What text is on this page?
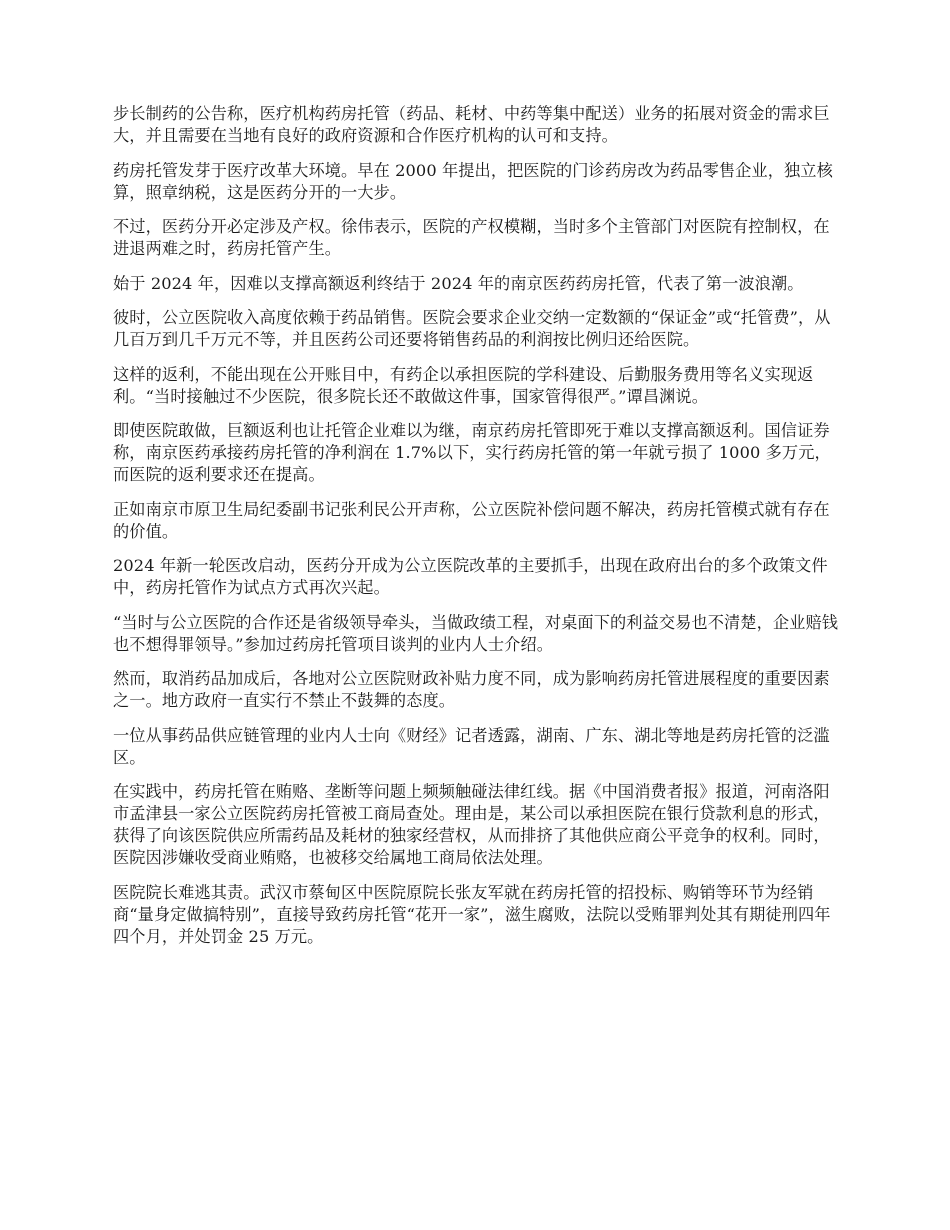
步长制药的公告称，医疗机构药房托管（药品、耗材、中药等集中配送）业务的拓展对资金的需求巨大，并且需要在当地有良好的政府资源和合作医疗机构的认可和支持。

药房托管发芽于医疗改革大环境。早在 2000 年提出，把医院的门诊药房改为药品零售企业，独立核算，照章纳税，这是医药分开的一大步。

不过，医药分开必定涉及产权。徐伟表示，医院的产权模糊，当时多个主管部门对医院有控制权，在进退两难之时，药房托管产生。

始于 2024 年，因难以支撑高额返利终结于 2024 年的南京医药药房托管，代表了第一波浪潮。

彼时，公立医院收入高度依赖于药品销售。医院会要求企业交纳一定数额的“保证金”或“托管费”，从几百万到几千万元不等，并且医药公司还要将销售药品的利润按比例归还给医院。

这样的返利，不能出现在公开账目中，有药企以承担医院的学科建设、后勤服务费用等名义实现返利。“当时接触过不少医院，很多院长还不敢做这件事，国家管得很严。”谭昌渊说。

即使医院敢做，巨额返利也让托管企业难以为继，南京药房托管即死于难以支撑高额返利。国信证券称，南京医药承接药房托管的净利润在 1.7%以下，实行药房托管的第一年就亏损了 1000 多万元，而医院的返利要求还在提高。

正如南京市原卫生局纪委副书记张利民公开声称，公立医院补偿问题不解决，药房托管模式就有存在的价值。

2024 年新一轮医改启动，医药分开成为公立医院改革的主要抓手，出现在政府出台的多个政策文件中，药房托管作为试点方式再次兴起。

“当时与公立医院的合作还是省级领导牵头，当做政绩工程，对桌面下的利益交易也不清楚，企业赔钱也不想得罪领导。”参加过药房托管项目谈判的业内人士介绍。

然而，取消药品加成后，各地对公立医院财政补贴力度不同，成为影响药房托管进展程度的重要因素之一。地方政府一直实行不禁止不鼓舞的态度。

一位从事药品供应链管理的业内人士向《财经》记者透露，湖南、广东、湖北等地是药房托管的泛滥区。

在实践中，药房托管在贿赂、垄断等问题上频频触碰法律红线。据《中国消费者报》报道，河南洛阳市孟津县一家公立医院药房托管被工商局查处。理由是，某公司以承担医院在银行贷款利息的形式，获得了向该医院供应所需药品及耗材的独家经营权，从而排挤了其他供应商公平竞争的权利。同时，医院因涉嫌收受商业贿赂，也被移交给属地工商局依法处理。

医院院长难逃其责。武汉市蔡甸区中医院原院长张友军就在药房托管的招投标、购销等环节为经销商“量身定做搞特别”，直接导致药房托管“花开一家”，滋生腐败，法院以受贿罪判处其有期徒刑四年四个月，并处罚金 25 万元。
